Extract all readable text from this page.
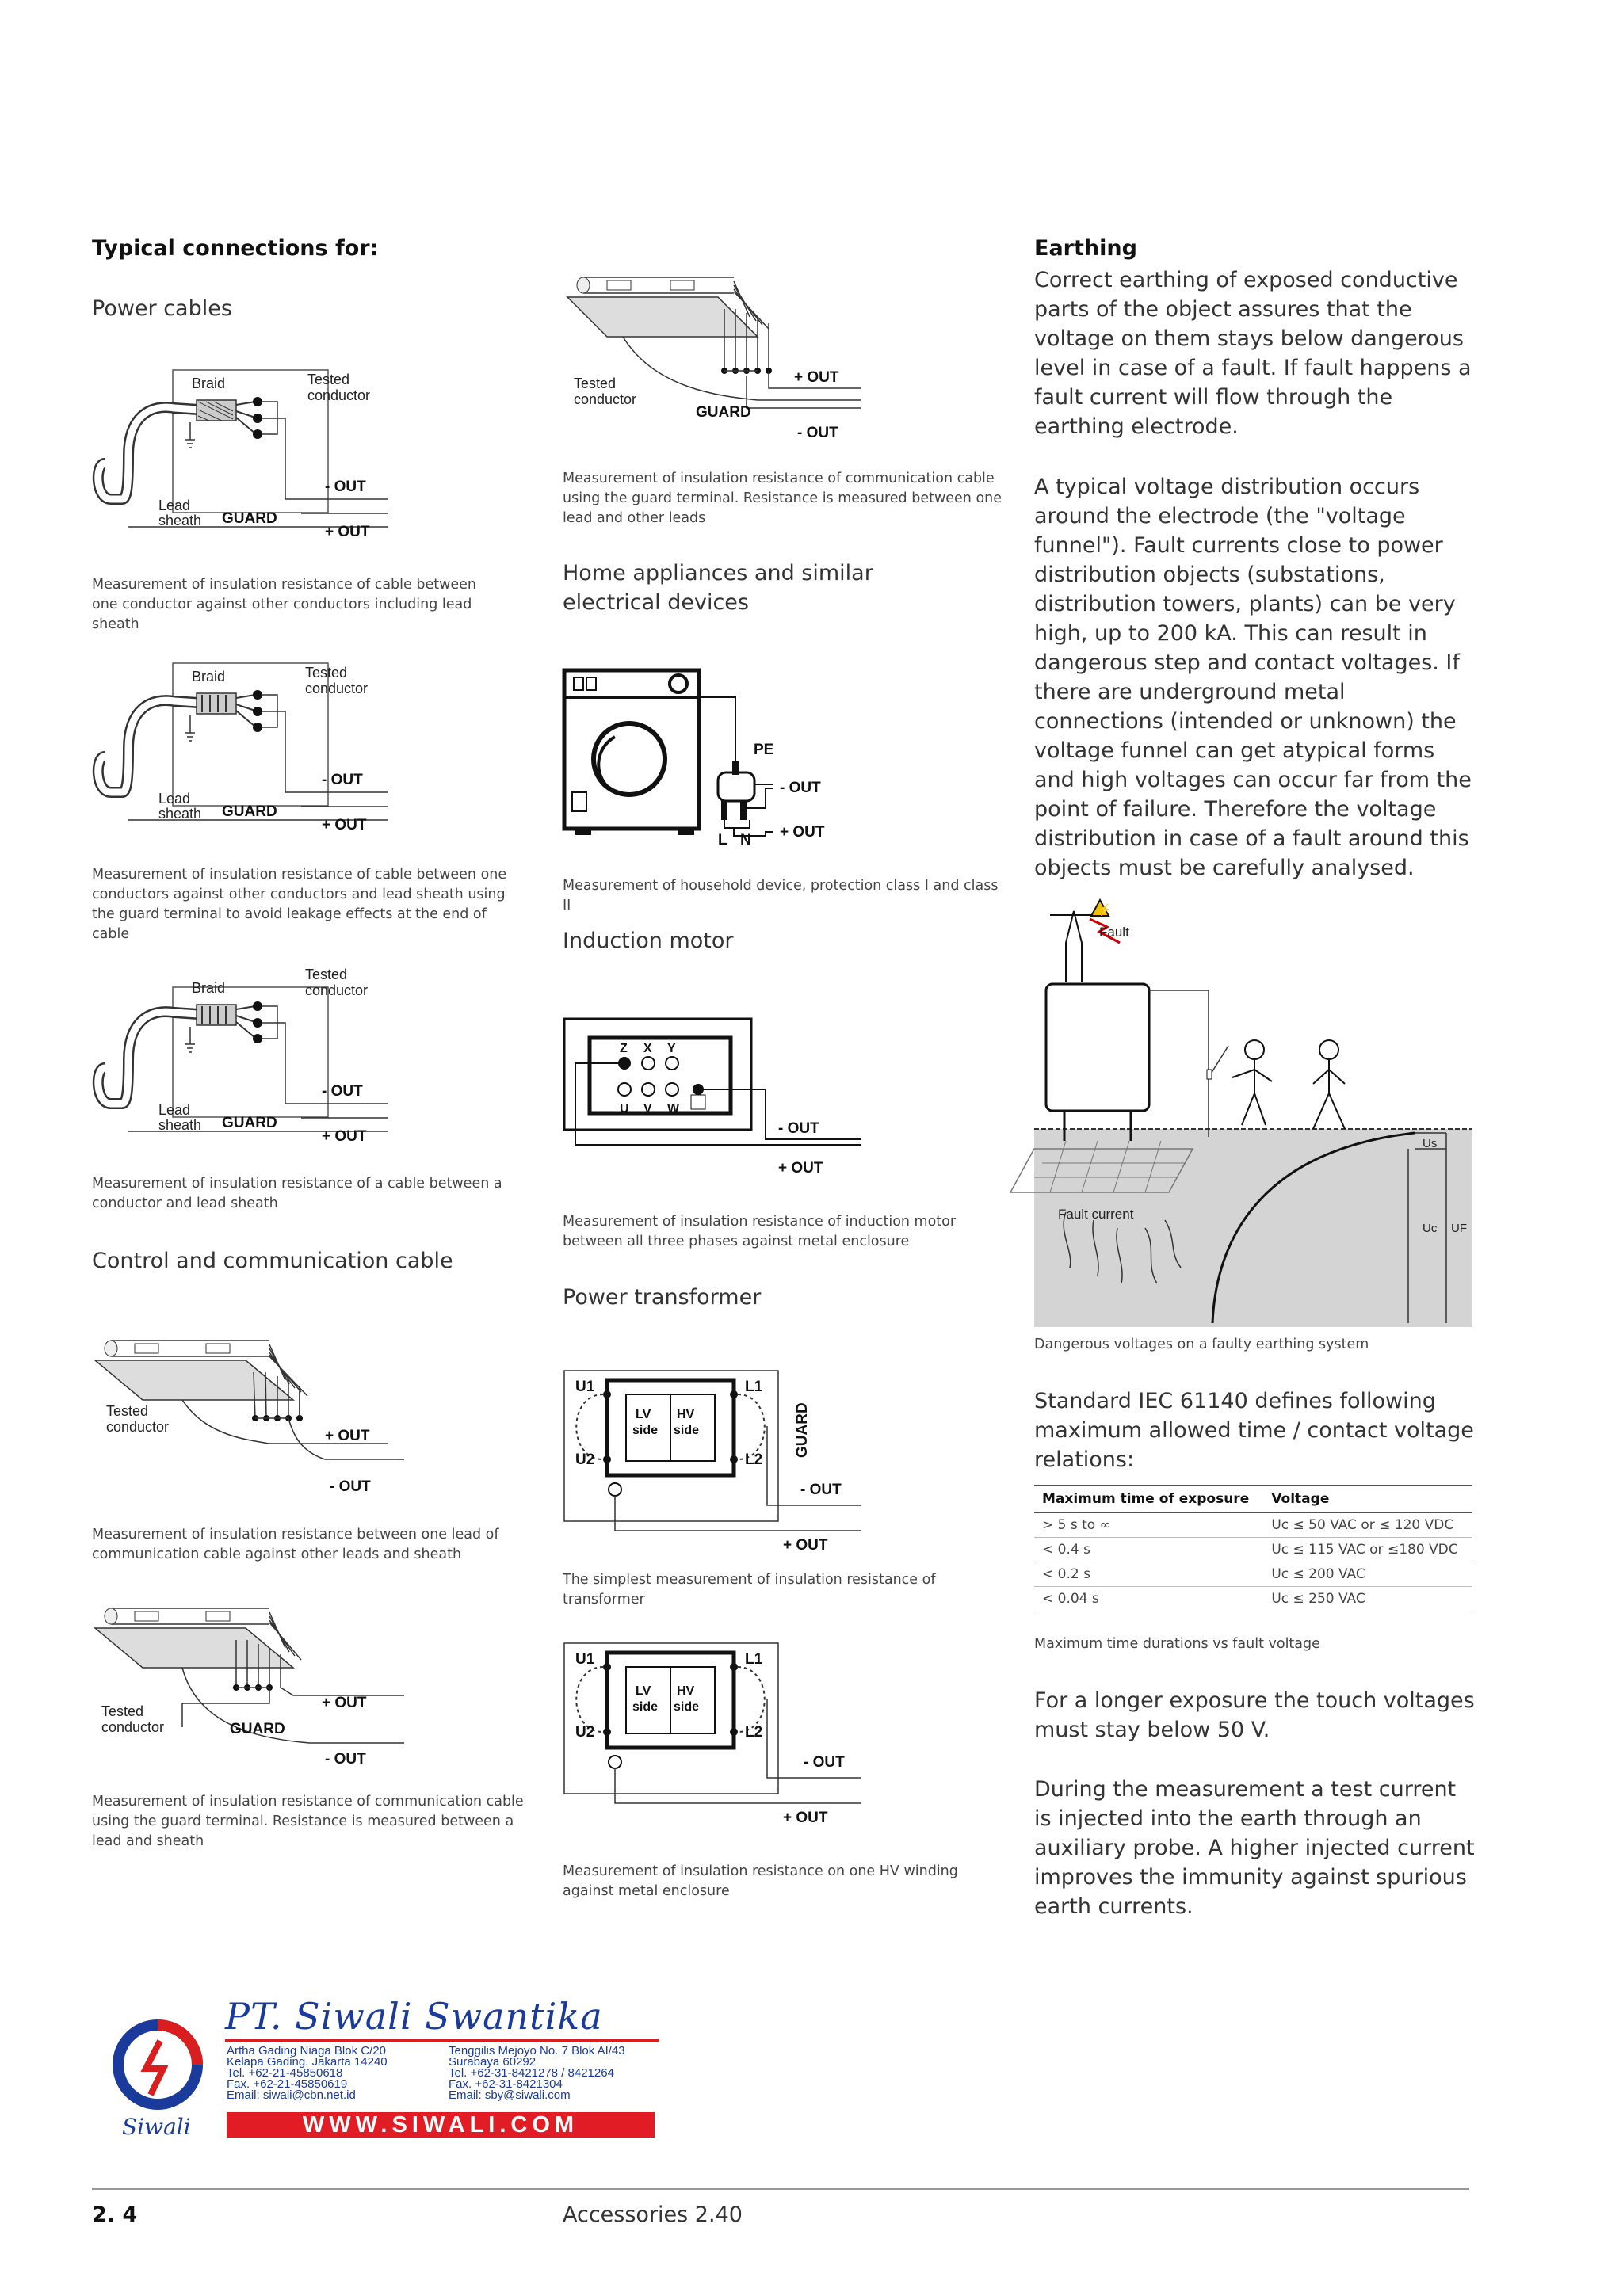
Typical connections for:
Power cables
Braid	Tested
conductor
- OUT
+ OUT
Lead
sheath GUARD
Measurement of insulation resistance of cable between one conductor against other conductors including lead sheath
Braid	Tested
conductor
- OUT
+ OUT
Lead
sheath GUARD
Measurement of insulation resistance of cable between one conductors against other conductors and lead sheath using the guard terminal to avoid leakage effects at the end of cable
Braid
Tested
conductor
- OUT
+ OUT
Lead
sheath GUARD
Measurement of insulation resistance of a cable between a conductor and lead sheath
Control and communication cable
Tested
conductor
+ OUT
- OUT
Measurement of insulation resistance between one lead of communication cable against other leads and sheath
Tested
conductor
+ OUT
GUARD
- OUT
Measurement of insulation resistance of communication cable using the guard terminal. Resistance is measured between a lead and sheath
Tested
conductor
+ OUT
GUARD
- OUT
Measurement of insulation resistance of communication cable using the guard terminal. Resistance is measured between one lead and other leads
Home appliances and similar electrical devices
PE
L N
- OUT
+ OUT
Measurement of household device, protection class I and class II
Induction motor
Z X Y
U V W
- OUT
+ OUT
Measurement of insulation resistance of induction motor between all three phases against metal enclosure
Power transformer
LV HV
side side
U1
U2
L1
L2
GUARD
- OUT
+ OUT
The simplest measurement of insulation resistance of transformer
LV HV
side side
U1
U2
L1
L2
- OUT
+ OUT
Measurement of insulation resistance on one HV winding against metal enclosure
Earthing
Correct earthing of exposed conductive parts of the object assures that the voltage on them stays below dangerous level in case of a fault. If fault happens a fault current will flow through the earthing electrode.
A typical voltage distribution occurs around the electrode (the "voltage funnel"). Fault currents close to power distribution objects (substations, distribution towers, plants) can be very high, up to 200 kA. This can result in dangerous step and contact voltages. If there are underground metal connections (intended or unknown) the voltage funnel can get atypical forms and high voltages can occur far from the point of failure. Therefore the voltage distribution in case of a fault around this objects must be carefully analysed.
⚡
Fault
Fault current
Us
Uc UF
Dangerous voltages on a faulty earthing system
Standard IEC 61140 defines following maximum allowed time / contact voltage relations:
Maximum time of exposure	Voltage
> 5 s to ∞	Uc ≤ 50 VAC or ≤ 120 VDC
< 0.4 s	Uc ≤ 115 VAC or ≤180 VDC
< 0.2 s	Uc ≤ 200 VAC
< 0.04 s	Uc ≤ 250 VAC
Maximum time durations vs fault voltage
For a longer exposure the touch voltages must stay below 50 V.
During the measurement a test current is injected into the earth through an auxiliary probe. A higher injected current improves the immunity against spurious earth currents.
Siwali
PT. Siwali Swantika
Artha Gading Niaga Blok C/20
Kelapa Gading, Jakarta 14240
Tel. +62-21-45850618
Fax. +62-21-45850619
Email: siwali@cbn.net.id
Tenggilis Mejoyo No. 7 Blok AI/43
Surabaya 60292
Tel. +62-31-8421278 / 8421264
Fax. +62-31-8421304
Email: sby@siwali.com
WWW.SIWALI.COM
2. 4	Accessories 2.40
